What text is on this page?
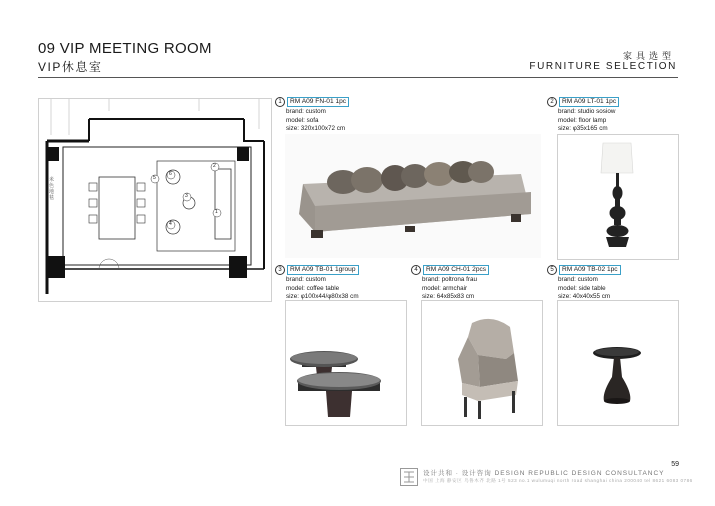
09 VIP MEETING ROOM
VIP休息室
家具选型
FURNITURE SELECTION
1
2
3
4
5
6
米色地毯
1	RM A09 FN-01 1pc
brand: custom
model: sofa
size: 320x100x72 cm
2	RM A09 LT-01 1pc
brand: studio sosiow
model: floor lamp
size: φ35x165 cm
3	RM A09 TB-01 1group
brand: custom
model: coffee table
size: φ100x44/φ80x38 cm
4	RM A09 CH-01 2pcs
brand: poltrona frau
model: armchair
size: 64x85x83 cm
5	RM A09 TB-02 1pc
brand: custom
model: side table
size: 40x40x55 cm
59
设计共和 · 设计咨询 DESIGN REPUBLIC DESIGN CONSULTANCY
中国 上海 静安区 乌鲁木齐 北路 1号 523 no.1 wulumuqi north road shanghai china 200040 tel 8621 6083 0786
